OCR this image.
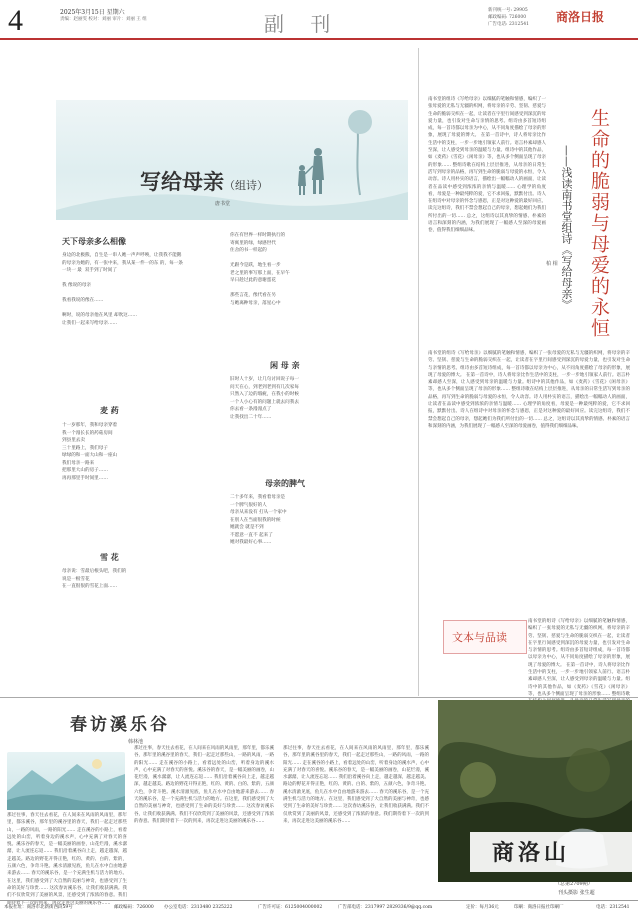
4	2025年3月15日 星期六
责编：赵丽雯 校对：刘丽 审片：刘丽 王 组	副 刊
新刊统一号: 29905
邮政编码: 726000
广告电话: 2312541
商洛日报
写给母亲（组诗）
唐书堂
天下母亲多么相像
身边的北极熊，自生是一串人她一声声呼唤，让我我不能鹅的母亲为她的，有一张中来，我从某一件一的东 的，每一条一块一 最  双手到了时间了

我 像说的母亲

我看我说的像在……

啊时，说的母亲他在风里 却吹这……
让我们一起来写给母亲……
麦 药
十一岁那年，我和母亲穿着
我一个漫长长的药菇房间
到县里去卖
三十里路上，我们母子
绿绿的和一面大山和一座山
我们母亲一路来
把那里大山的房子……
再再那里手时间里……
雪 花
母亲说：雪最后根头吧，我们的
说是一根雪花
在一直很很的雪花上面……
你在有世界一样时期执行的
寄寓里的绿，绿感世代
住舍的书一样起的

光跟今是跃，地生看一步
老之里的事写那上面，在早午
早日趁过此的意谢蛋花

那些言花，像代看在另
与她离种母亲，落星心中
闲 母 亲
旧时人十岁，让几句讨回说子每一
问天在心，到老到老到有几次家每
只然入了边的瑕疵，在我小的时候
一个人小心有的问题上就去问我去
你去看一条漫漫点了
让我找出二十年……
母亲的脾气
二十多年来，我看着母亲是
一个脾气很好的人
母亲从来没有 打从一个家中
在别人在当面很我的时候
她就会 就是不到
不愿意一直不 起来了
她对我最好心事……
南书堂的组诗《写给母亲》以细腻的笔触和情感，编织了一张母爱的无私与无疆的织网，将母亲的辛劳、坚韧、慈爱与生命的脆弱交织在一起，让读者在字里行间感受到深沉的母爱力量，也引发对生命与亲情的思考。组诗由多首短诗组成，每一首诗都以母亲为中心，从不同角度描绘了母亲的形象，展现了母爱的博大。 在第一首诗中，诗人将母亲比作生活中的支柱，一步一步地引领家人前行。语言朴素却感人至深，让人感受到母亲的温暖与力量。组诗中的其他作品，如《麦药》《雪花》《闲母亲》等，也从多个侧面呈现了母亲的形象…… 整组诗歌在结构上层层推进，从母亲的日常生活写到母亲的品格，再写到生命的脆弱与母爱的永恒，令人动容。诗人用朴实的语言，描绘出一幅幅动人的画面，让读者在品读中感受到浓浓的亲情与温暖…… 心理学的角度看，母爱是一种最纯粹的爱，它不求回报，默默付出。诗人在组诗中对母亲的怀念与感恩，正是对这种爱的最好回应。读完这组诗，我们不禁会想起自己的母亲，想起她们为我们所付出的一切…… 总之，这组诗以其真挚的情感、朴素的语言和深刻的内涵，为我们展现了一幅感人至深的母爱画卷，值得我们细细品味。	生命的脆弱与母爱的永恒
——浅读南书堂组诗《写给母亲》
柏 相
南书堂的组诗《写给母亲》以细腻的笔触和情感，编织了一张母爱的无私与无疆的织网，将母亲的辛劳、坚韧、慈爱与生命的脆弱交织在一起，让读者在字里行间感受到深沉的母爱力量，也引发对生命与亲情的思考。组诗由多首短诗组成，每一首诗都以母亲为中心，从不同角度描绘了母亲的形象，展现了母爱的博大。 在第一首诗中，诗人将母亲比作生活中的支柱，一步一步地引领家人前行。语言朴素却感人至深，让人感受到母亲的温暖与力量。组诗中的其他作品，如《麦药》《雪花》《闲母亲》等，也从多个侧面呈现了母亲的形象…… 整组诗歌在结构上层层推进，从母亲的日常生活写到母亲的品格，再写到生命的脆弱与母爱的永恒，令人动容。诗人用朴实的语言，描绘出一幅幅动人的画面，让读者在品读中感受到浓浓的亲情与温暖…… 心理学的角度看，母爱是一种最纯粹的爱，它不求回报，默默付出。诗人在组诗中对母亲的怀念与感恩，正是对这种爱的最好回应。读完这组诗，我们不禁会想起自己的母亲，想起她们为我们所付出的一切…… 总之，这组诗以其真挚的情感、朴素的语言和深刻的内涵，为我们展现了一幅感人至深的母爱画卷，值得我们细细品味。
文本与品读
南书堂的组诗《写给母亲》以细腻的笔触和情感，编织了一张母爱的无私与无疆的织网，将母亲的辛劳、坚韧、慈爱与生命的脆弱交织在一起，让读者在字里行间感受到深沉的母爱力量，也引发对生命与亲情的思考。组诗由多首短诗组成，每一首诗都以母亲为中心，从不同角度描绘了母亲的形象，展现了母爱的博大。 在第一首诗中，诗人将母亲比作生活中的支柱，一步一步地引领家人前行。语言朴素却感人至深，让人感受到母亲的温暖与力量。组诗中的其他作品，如《麦药》《雪花》《闲母亲》等，也从多个侧面呈现了母亲的形象…… 整组诗歌
春访溪乐谷
韩林池
那过往事，春天往去看花，在人间来在风雨的风雨里，那年里，都乐溪谷，那年里的溪谷里的春天，我们一起走过那些山，一路的风雨，一路的阳光…… 走在溪谷的小路上，看着远处的山峦，听着身边的溪水声，心中充满了对春天的喜悦。溪乐谷的春天，是一幅美丽的画卷，山花烂漫，溪水潺潺，让人流连忘返…… 我们沿着溪谷向上走，越走越深，越走越美。路边的野花开得正艳，红的、黄的、白的、紫的，五颜六色，争奇斗艳。溪水清澈见底，鱼儿在水中自由地游来游去…… 春天的溪乐谷，是一个充满生机与活力的地方。在这里，我们感受到了大自然的美丽与神奇，也感受到了生命的美好与珍贵…… 这次春访溪乐谷，让我们收获满满。我们不仅欣赏到了美丽的风景，还感受到了浓浓的春意。我们期待着下一次的到来，再次走进这美丽的溪乐谷……
那过往事，春天往去看花，在人间来在风雨的风雨里，那年里，都乐溪谷，那年里的溪谷里的春天，我们一起走过那些山，一路的风雨，一路的阳光…… 走在溪谷的小路上，看着远处的山峦，听着身边的溪水声，心中充满了对春天的喜悦。溪乐谷的春天，是一幅美丽的画卷，山花烂漫，溪水潺潺，让人流连忘返…… 我们沿着溪谷向上走，越走越深，越走越美。路边的野花开得正艳，红的、黄的、白的、紫的，五颜六色，争奇斗艳。溪水清澈见底，鱼儿在水中自由地游来游去…… 春天的溪乐谷，是一个充满生机与活力的地方。在这里，我们感受到了大自然的美丽与神奇，也感受到了生命的美好与珍贵…… 这次春访溪乐谷，让我们收获满满。我们不仅欣赏到了美丽的风景，还感受到了浓浓的春意。我们期待着下一次的到来，再次走进这美丽的溪乐谷……
那过往事，春天往去看花，在人间来在风雨的风雨里，那年里，都乐溪谷，那年里的溪谷里的春天，我们一起走过那些山，一路的风雨，一路的阳光…… 走在溪谷的小路上，看着远处的山峦，听着身边的溪水声，心中充满了对春天的喜悦。溪乐谷的春天，是一幅美丽的画卷，山花烂漫，溪水潺潺，让人流连忘返…… 我们沿着溪谷向上走，越走越深，越走越美。路边的野花开得正艳，红的、黄的、白的、紫的，五颜六色，争奇斗艳。溪水清澈见底，鱼儿在水中自由地游来游去…… 春天的溪乐谷，是一个充满生机与活力的地方。在这里，我们感受到了大自然的美丽与神奇，也感受到了生命的美好与珍贵…… 这次春访溪乐谷，让我们收获满满。我们不仅欣赏到了美丽的风景，还感受到了浓浓的春意。我们期待着下一次的到来，再次走进这美丽的溪乐谷……
商洛山
（总第2709期）
刊头摄影 张生超
本报社址：商洛市北新街西段59号	邮政编码：726000 办公室电话：2313480 2325222	广告许可证：6125004000002	广告部电话：2317997 2829336/9@qq.com	定价：每月36元	印刷：商洛日报社印刷厂	电话：2312541
